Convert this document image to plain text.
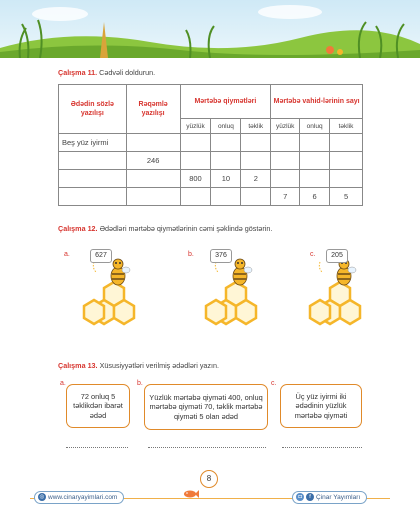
Çalışma 11. Cədvəli doldurun.
Ədədin sözlə yazılışı	Rəqəmlə yazılışı	Mərtəbə qiymətləri			Mərtəbə vahid-lərinin sayı		
		yüzlük	onluq	təklik	yüzlük	onluq	təklik
Beş yüz iyirmi							
	246						
		800	10	2			
					7	6	5
Çalışma 12. Ədədləri mərtəbə qiymətlərinin cəmi şəklində göstərin.
a.	b.	c.
627	376	205
Çalışma 13. Xüsusiyyətləri verilmiş ədədləri yazın.
a.	b.	c.
72 onluq 5 təklikdən ibarət ədəd
Yüzlük mərtəbə qiyməti 400, onluq mərtəbə qiyməti 70, təklik mərtəbə qiyməti 5 olan ədəd
Üç yüz iyirmi iki ədədinin yüzlük mərtəbə qiyməti
8
◎ www.cinaryayimlari.com	◘ f Çinar Yayımları
